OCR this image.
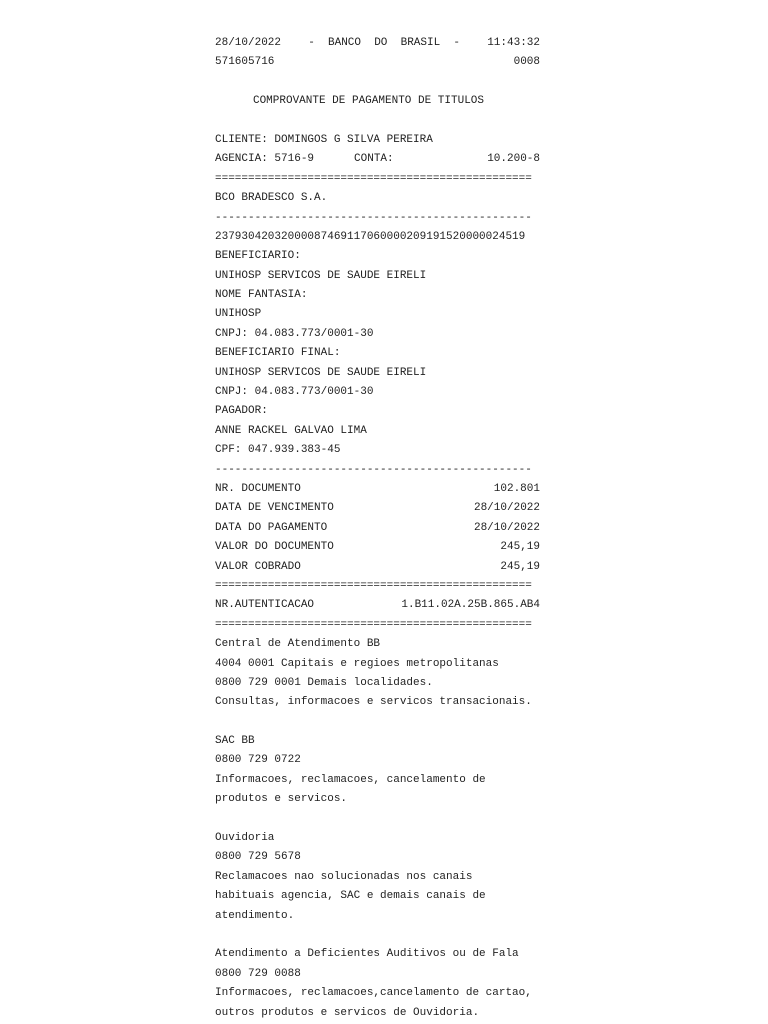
28/10/2022 -  BANCO  DO  BRASIL  - 11:43:32
571605716	0008
COMPROVANTE DE PAGAMENTO DE TITULOS
CLIENTE: DOMINGOS G SILVA PEREIRA
AGENCIA: 5716-9	CONTA:	10.200-8
================================================
BCO BRADESCO S.A.
------------------------------------------------
23793042032000087469117060000209191520000024519
BENEFICIARIO:
UNIHOSP SERVICOS DE SAUDE EIRELI
NOME FANTASIA:
UNIHOSP
CNPJ: 04.083.773/0001-30
BENEFICIARIO FINAL:
UNIHOSP SERVICOS DE SAUDE EIRELI
CNPJ: 04.083.773/0001-30
PAGADOR:
ANNE RACKEL GALVAO LIMA
CPF: 047.939.383-45
------------------------------------------------
NR. DOCUMENTO	102.801
DATA DE VENCIMENTO	28/10/2022
DATA DO PAGAMENTO	28/10/2022
VALOR DO DOCUMENTO	245,19
VALOR COBRADO	245,19
================================================
NR.AUTENTICACAO	1.B11.02A.25B.865.AB4
================================================
Central de Atendimento BB
4004 0001 Capitais e regioes metropolitanas
0800 729 0001 Demais localidades.
Consultas, informacoes e servicos transacionais.
SAC BB
0800 729 0722
Informacoes, reclamacoes, cancelamento de
produtos e servicos.
Ouvidoria
0800 729 5678
Reclamacoes nao solucionadas nos canais
habituais agencia, SAC e demais canais de
atendimento.
Atendimento a Deficientes Auditivos ou de Fala
0800 729 0088
Informacoes, reclamacoes,cancelamento de cartao,
outros produtos e servicos de Ouvidoria.
